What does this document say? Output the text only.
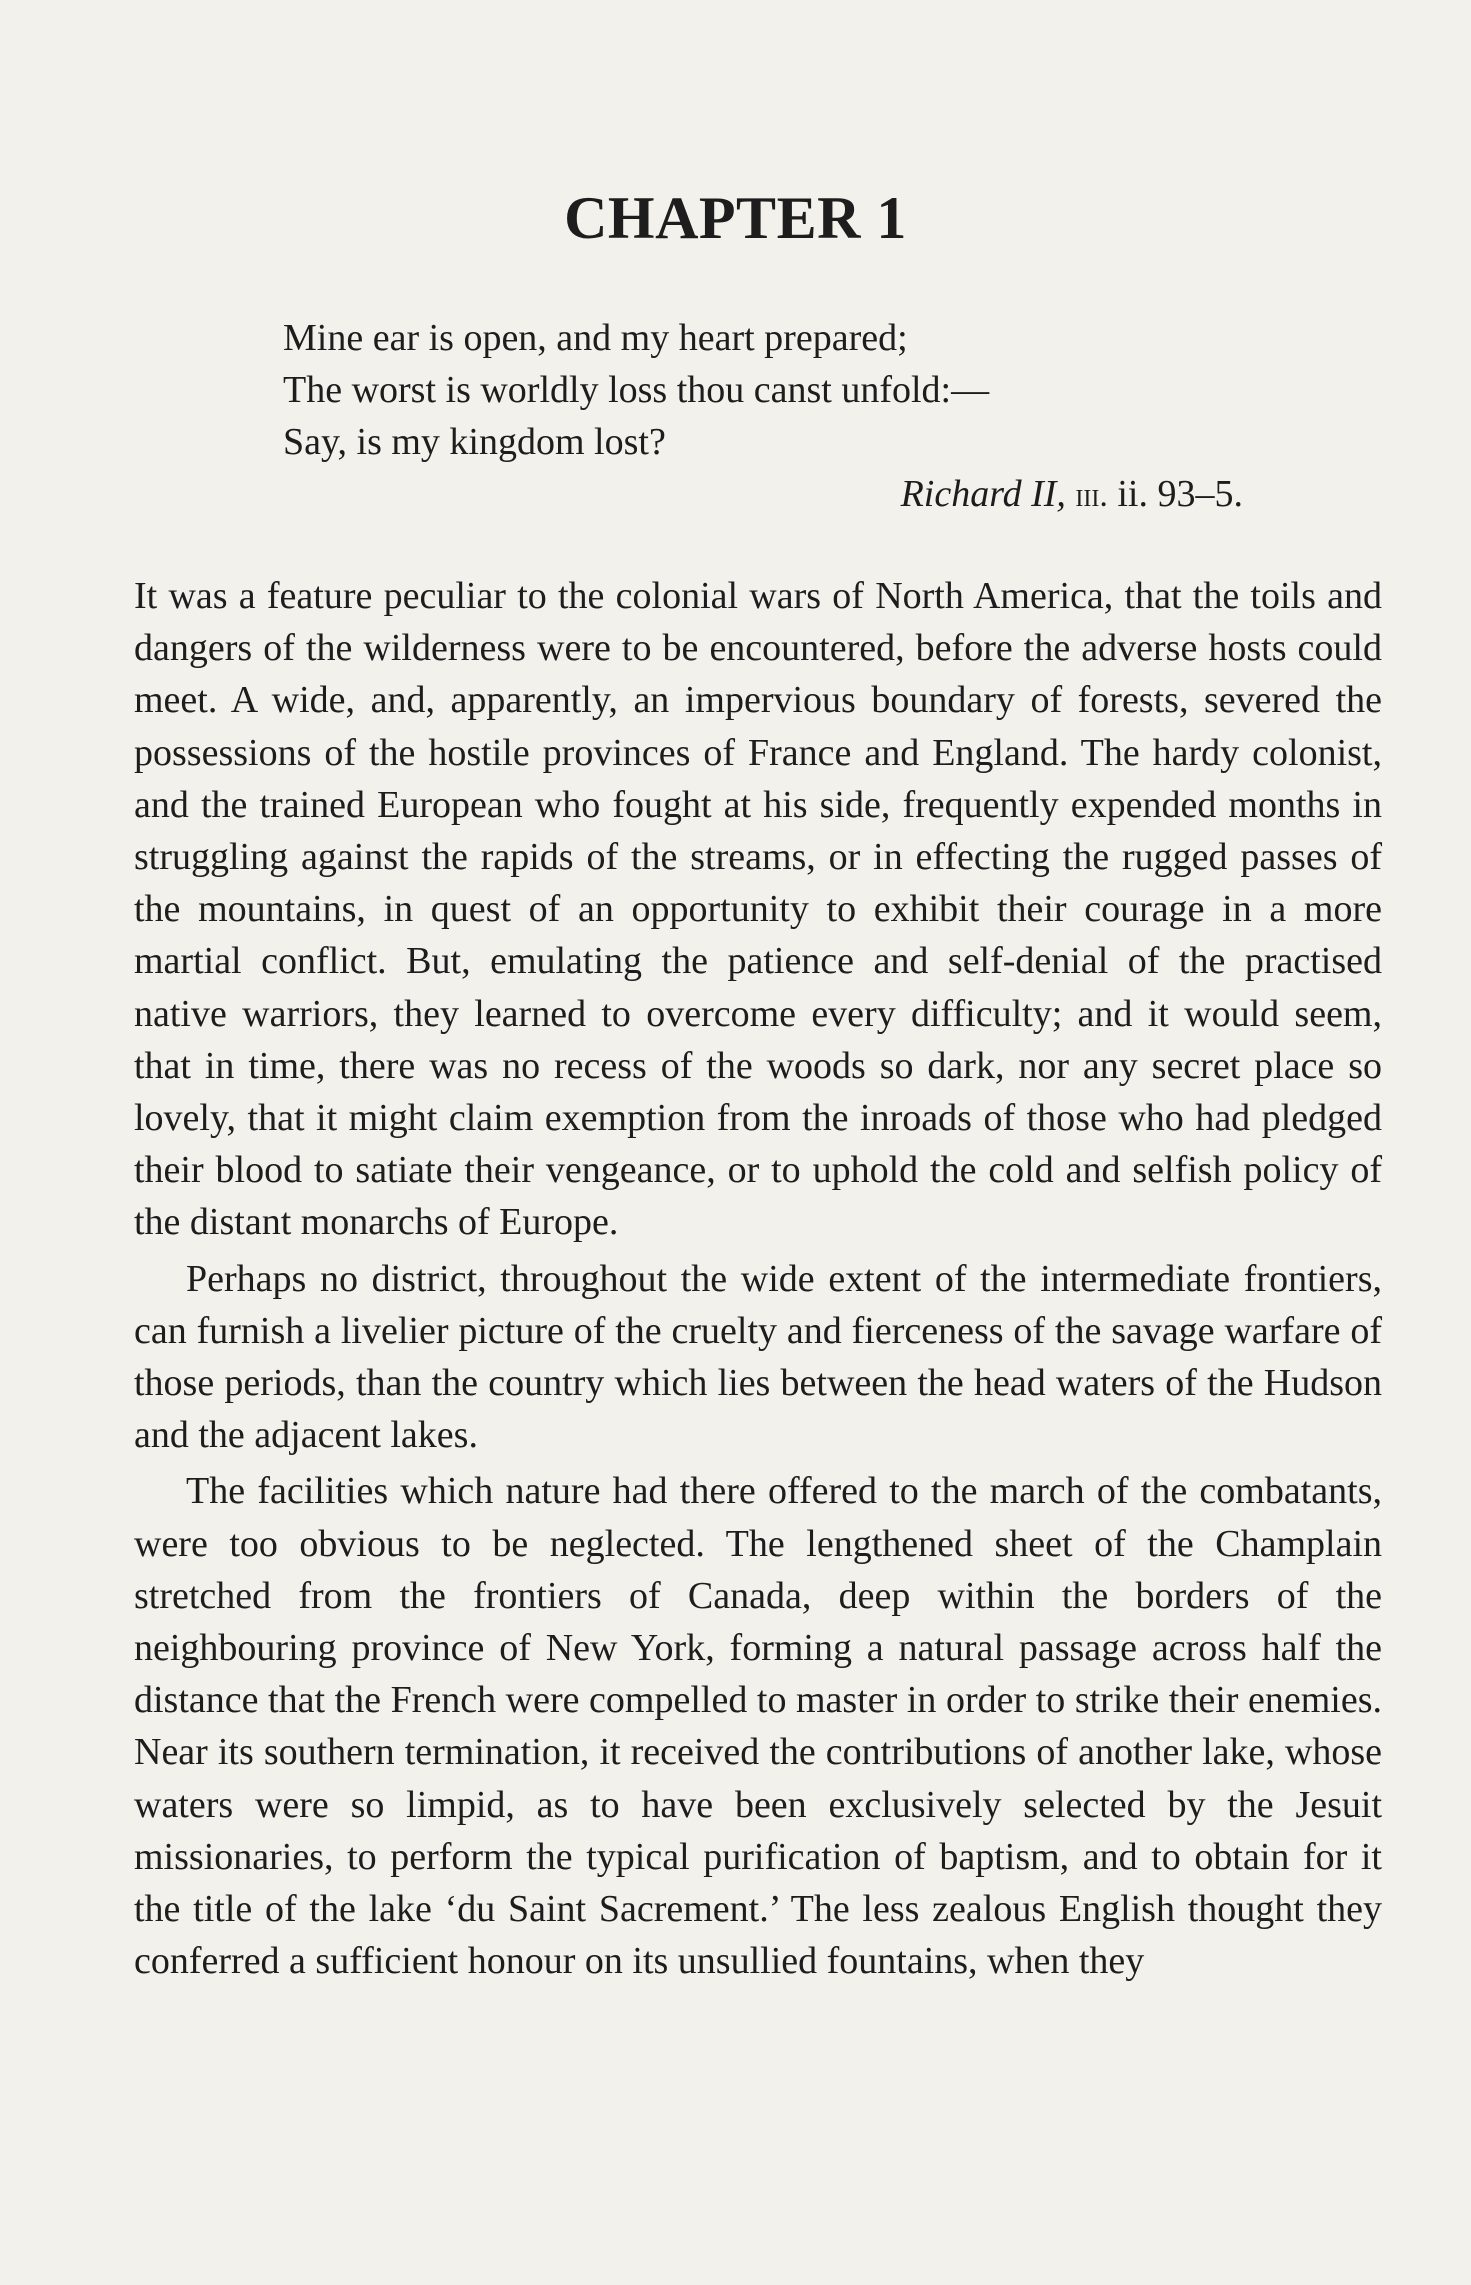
CHAPTER 1
Mine ear is open, and my heart prepared;
The worst is worldly loss thou canst unfold:—
Say, is my kingdom lost?
Richard II, iii. ii. 93–5.

It was a feature peculiar to the colonial wars of North America, that the toils and dangers of the wilderness were to be encountered, before the adverse hosts could meet. A wide, and, apparently, an impervious boundary of forests, severed the possessions of the hostile provinces of France and England. The hardy colonist, and the trained European who fought at his side, frequently expended months in struggling against the rapids of the streams, or in effecting the rugged passes of the mountains, in quest of an opportunity to exhibit their courage in a more martial conflict. But, emulating the patience and self-denial of the practised native warriors, they learned to overcome every difficulty; and it would seem, that in time, there was no recess of the woods so dark, nor any secret place so lovely, that it might claim exemption from the inroads of those who had pledged their blood to satiate their vengeance, or to uphold the cold and selfish policy of the distant monarchs of Europe.

Perhaps no district, throughout the wide extent of the intermediate frontiers, can furnish a livelier picture of the cruelty and fierceness of the savage warfare of those periods, than the country which lies between the head waters of the Hudson and the adjacent lakes.

The facilities which nature had there offered to the march of the combatants, were too obvious to be neglected. The lengthened sheet of the Champlain stretched from the frontiers of Canada, deep within the borders of the neighbouring province of New York, forming a natural passage across half the distance that the French were compelled to master in order to strike their enemies. Near its southern termination, it received the contributions of another lake, whose waters were so limpid, as to have been exclusively selected by the Jesuit missionaries, to perform the typical purification of baptism, and to obtain for it the title of the lake ‘du Saint Sacrement.’ The less zealous English thought they conferred a sufficient honour on its unsullied fountains, when they
